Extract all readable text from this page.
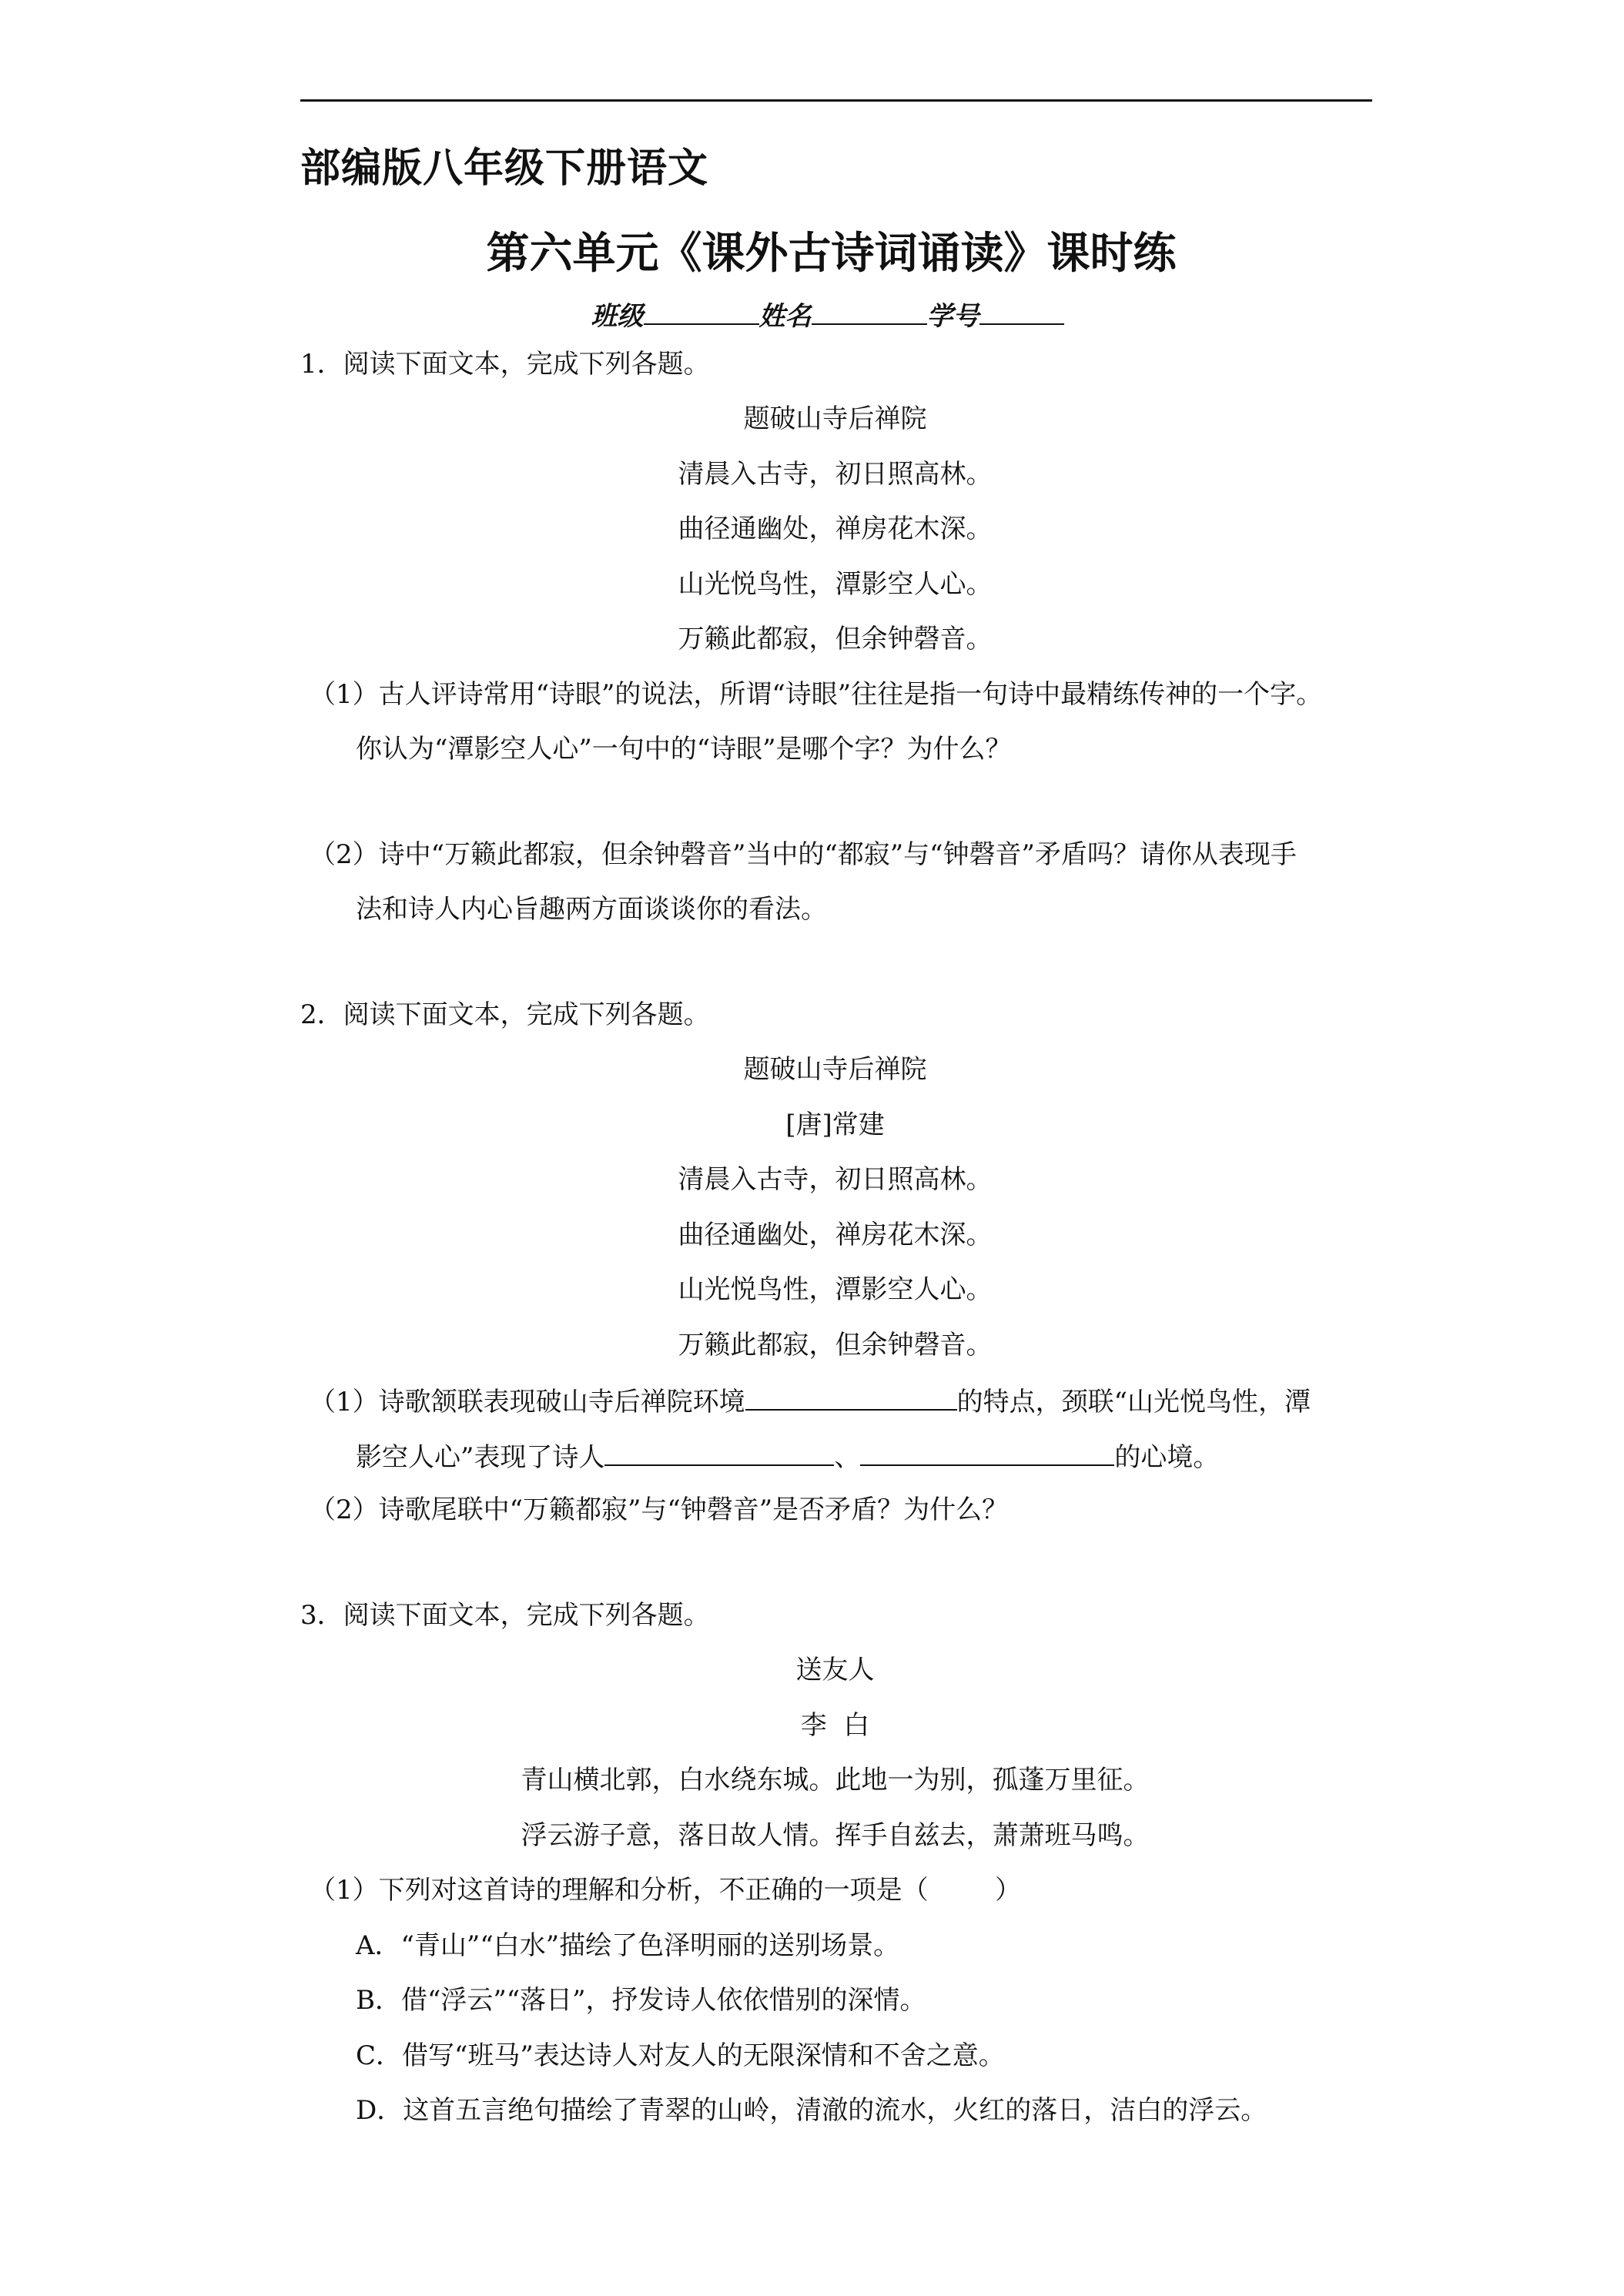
部编版八年级下册语文
第六单元《课外古诗词诵读》课时练
班级	姓名	学号
1．阅读下面文本，完成下列各题。
题破山寺后禅院
清晨入古寺，初日照高林。
曲径通幽处，禅房花木深。
山光悦鸟性，潭影空人心。
万籁此都寂，但余钟磬音。
（1）古人评诗常用“诗眼”的说法，所谓“诗眼”往往是指一句诗中最精练传神的一个字。
你认为“潭影空人心”一句中的“诗眼”是哪个字？为什么？
（2）诗中“万籁此都寂，但余钟磬音”当中的“都寂”与“钟磬音”矛盾吗？请你从表现手
法和诗人内心旨趣两方面谈谈你的看法。
2．阅读下面文本，完成下列各题。
题破山寺后禅院
[唐]常建
清晨入古寺，初日照高林。
曲径通幽处，禅房花木深。
山光悦鸟性，潭影空人心。
万籁此都寂，但余钟磬音。
（1）诗歌颔联表现破山寺后禅院环境	的特点，颈联“山光悦鸟性，潭
影空人心”表现了诗人	、	的心境。
（2）诗歌尾联中“万籁都寂”与“钟磬音”是否矛盾？为什么？
3．阅读下面文本，完成下列各题。
送友人
李  白
青山横北郭，白水绕东城。此地一为别，孤蓬万里征。
浮云游子意，落日故人情。挥手自兹去，萧萧班马鸣。
（1）下列对这首诗的理解和分析，不正确的一项是（        ）
A．“青山”“白水”描绘了色泽明丽的送别场景。
B．借“浮云”“落日”，抒发诗人依依惜别的深情。
C．借写“班马”表达诗人对友人的无限深情和不舍之意。
D．这首五言绝句描绘了青翠的山岭，清澈的流水，火红的落日，洁白的浮云。
